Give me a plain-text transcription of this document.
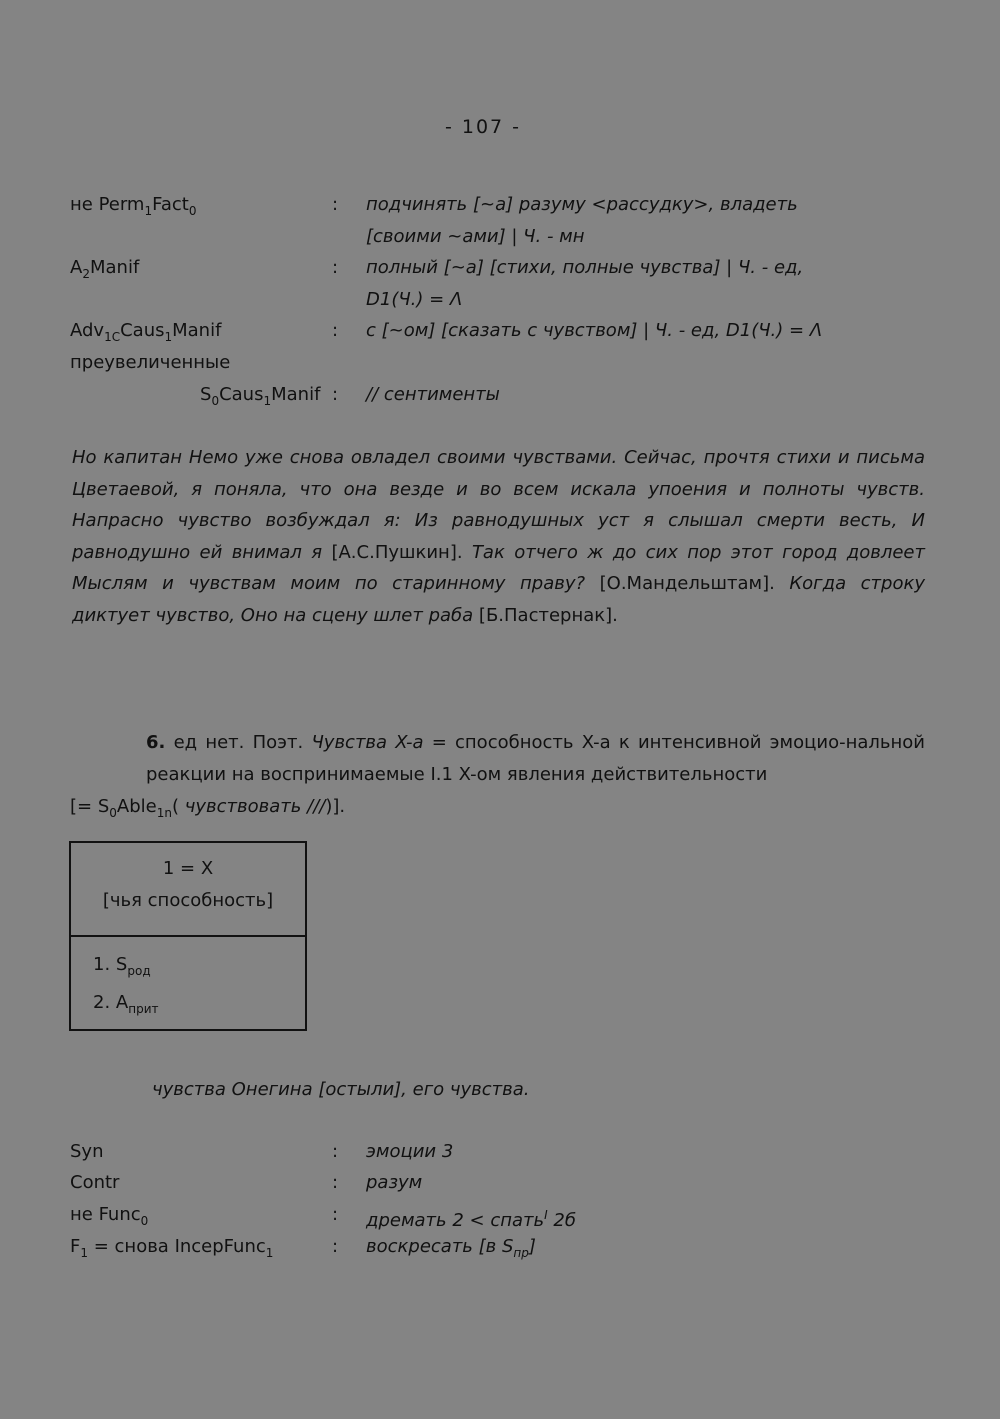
- 107 -
не Perm$_1$Fact$_0$	: подчинять [~а] разуму <рассудку>, владеть
[своими ~ами] | Ч. - мн
$A_2Manif$	: полный [~а] [стихи, полные чувства] | Ч. - ед,
D1(Ч.) = Λ
Adv$_{1C}$Caus$_1$Manif	: с [~ом] [сказать с чувством] | Ч. - ед, D1(Ч.) = Λ
преувеличенные
$S_0Caus_1Manif$ : // сентименты
Но капитан Немо уже снова овладел своими чувствами. Сейчас, прочтя стихи и письма Цветаевой, я поняла, что она везде и во всем искала упоения и полноты чувств. Напрасно чувство возбуждал я: Из равнодушных уст я слышал смерти весть, И равнодушно ей внимал я [А.С.Пушкин]. Так отчего ж до сих пор этот город довлеет Мыслям и чувствам моим по старинному праву? [О.Мандельштам]. Когда строку диктует чувство, Оно на сцену шлет раба [Б.Пастернак].
6. ед нет. Поэт. Чувства X-а = способность X-а к интенсивной эмоцио-нальной реакции на воспринимаемые I.1 X-ом явления действительности
[= $S_0Able_{1n}$( чувствовать ///)].
1 = X
[чья способность]
1. $S_{род}$
2. $A_{прит}$
чувства Онегина [остыли], его чувства.
Syn	: эмоции 3
Contr	: разум
не Func$_0$	: дремать 2 < спать$^I$ 2б
$F_1$ = снова IncepFunc$_1$	: воскресать [в $S_{пр}$]
